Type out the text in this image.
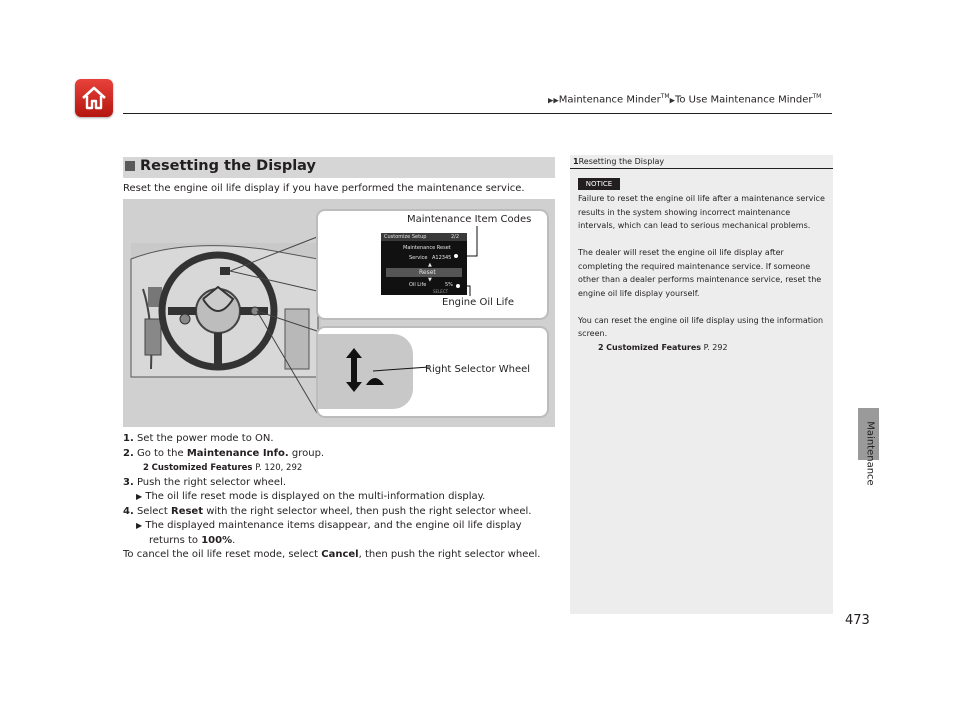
▶▶Maintenance Minder™▶To Use Maintenance Minder™
Maintenance
Resetting the Display
Reset the engine oil life display if you have performed the maintenance service.
Customize Setup	2/2
Maintenance Reset
Service A12345
▲
Reset
▼
Oil Life	5%
SELECT
Maintenance Item Codes
Engine Oil Life
Right Selector Wheel
1. Set the power mode to ON.
2. Go to the Maintenance Info. group.
2 Customized Features P. 120, 292
3. Push the right selector wheel.
▶ The oil life reset mode is displayed on the multi-information display.
4. Select Reset with the right selector wheel, then push the right selector wheel.
▶ The displayed maintenance items disappear, and the engine oil life display
returns to 100%.
To cancel the oil life reset mode, select Cancel, then push the right selector wheel.
1Resetting the Display
NOTICE

Failure to reset the engine oil life after a maintenance service results in the system showing incorrect maintenance intervals, which can lead to serious mechanical problems.

The dealer will reset the engine oil life display after completing the required maintenance service. If someone other than a dealer performs maintenance service, reset the engine oil life display yourself.

You can reset the engine oil life display using the information screen.

2 Customized Features P. 292
473
